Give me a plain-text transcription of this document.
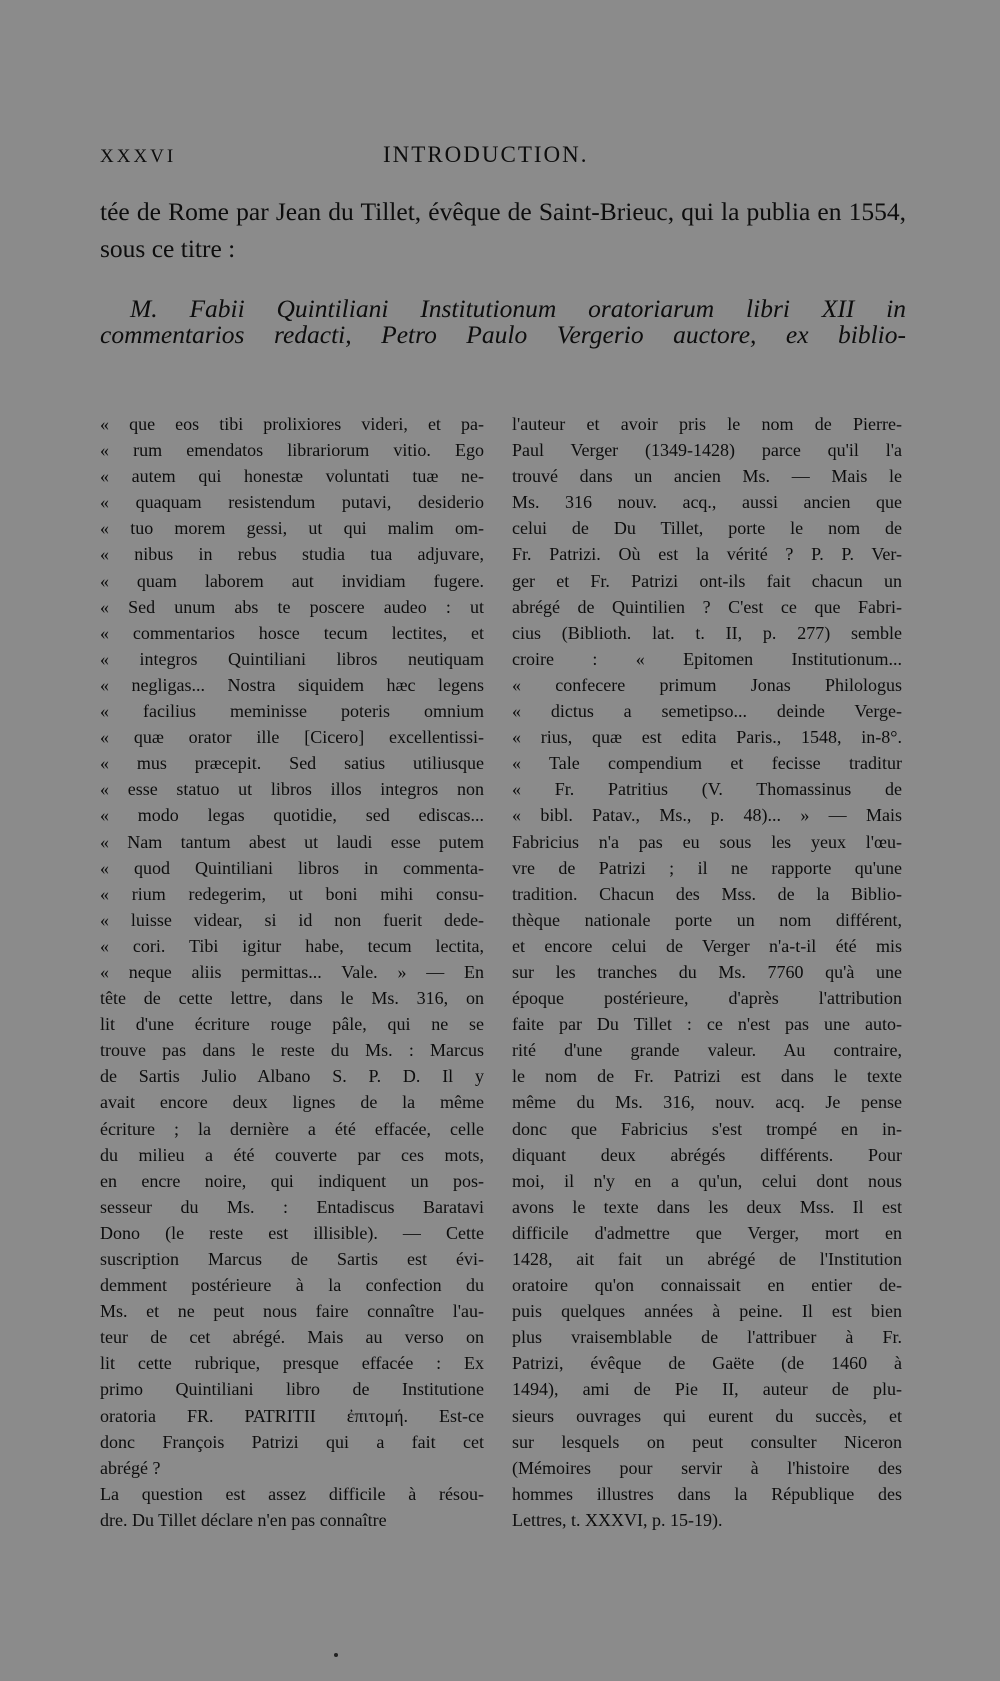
XXXVI	INTRODUCTION.
tée de Rome par Jean du Tillet, évêque de Saint-Brieuc, qui la publia en 1554, sous ce titre :
M. Fabii Quintiliani Institutionum oratoriarum libri XII in
commentarios redacti, Petro Paulo Vergerio auctore, ex biblio-
« que eos tibi prolixiores videri, et pa-
« rum emendatos librariorum vitio. Ego
« autem qui honestæ voluntati tuæ ne-
« quaquam resistendum putavi, desiderio
« tuo morem gessi, ut qui malim om-
« nibus in rebus studia tua adjuvare,
« quam laborem aut invidiam fugere.
« Sed unum abs te poscere audeo : ut
« commentarios hosce tecum lectites, et
« integros Quintiliani libros neutiquam
« negligas... Nostra siquidem hæc legens
« facilius meminisse poteris omnium
« quæ orator ille [Cicero] excellentissi-
« mus præcepit. Sed satius utiliusque
« esse statuo ut libros illos integros non
« modo legas quotidie, sed ediscas...
« Nam tantum abest ut laudi esse putem
« quod Quintiliani libros in commenta-
« rium redegerim, ut boni mihi consu-
« luisse videar, si id non fuerit dede-
« cori. Tibi igitur habe, tecum lectita,
« neque aliis permittas... Vale. » — En
tête de cette lettre, dans le Ms. 316, on
lit d'une écriture rouge pâle, qui ne se
trouve pas dans le reste du Ms. : Marcus
de Sartis Julio Albano S. P. D. Il y
avait encore deux lignes de la même
écriture ; la dernière a été effacée, celle
du milieu a été couverte par ces mots,
en encre noire, qui indiquent un pos-
sesseur du Ms. : Entadiscus Baratavi
Dono (le reste est illisible). — Cette
suscription Marcus de Sartis est évi-
demment postérieure à la confection du
Ms. et ne peut nous faire connaître l'au-
teur de cet abrégé. Mais au verso on
lit cette rubrique, presque effacée : Ex
primo Quintiliani libro de Institutione
oratoria FR. PATRITII ἐπιτομή. Est-ce
donc François Patrizi qui a fait cet
abrégé ?
La question est assez difficile à résou-
dre. Du Tillet déclare n'en pas connaître
l'auteur et avoir pris le nom de Pierre-
Paul Verger (1349-1428) parce qu'il l'a
trouvé dans un ancien Ms. — Mais le
Ms. 316 nouv. acq., aussi ancien que
celui de Du Tillet, porte le nom de
Fr. Patrizi. Où est la vérité ? P. P. Ver-
ger et Fr. Patrizi ont-ils fait chacun un
abrégé de Quintilien ? C'est ce que Fabri-
cius (Biblioth. lat. t. II, p. 277) semble
croire : « Epitomen Institutionum...
« confecere primum Jonas Philologus
« dictus a semetipso... deinde Verge-
« rius, quæ est edita Paris., 1548, in-8°.
« Tale compendium et fecisse traditur
« Fr. Patritius (V. Thomassinus de
« bibl. Patav., Ms., p. 48)... » — Mais
Fabricius n'a pas eu sous les yeux l'œu-
vre de Patrizi ; il ne rapporte qu'une
tradition. Chacun des Mss. de la Biblio-
thèque nationale porte un nom différent,
et encore celui de Verger n'a-t-il été mis
sur les tranches du Ms. 7760 qu'à une
époque postérieure, d'après l'attribution
faite par Du Tillet : ce n'est pas une auto-
rité d'une grande valeur. Au contraire,
le nom de Fr. Patrizi est dans le texte
même du Ms. 316, nouv. acq. Je pense
donc que Fabricius s'est trompé en in-
diquant deux abrégés différents. Pour
moi, il n'y en a qu'un, celui dont nous
avons le texte dans les deux Mss. Il est
difficile d'admettre que Verger, mort en
1428, ait fait un abrégé de l'Institution
oratoire qu'on connaissait en entier de-
puis quelques années à peine. Il est bien
plus vraisemblable de l'attribuer à Fr.
Patrizi, évêque de Gaëte (de 1460 à
1494), ami de Pie II, auteur de plu-
sieurs ouvrages qui eurent du succès, et
sur lesquels on peut consulter Niceron
(Mémoires pour servir à l'histoire des
hommes illustres dans la République des
Lettres, t. XXXVI, p. 15-19).
